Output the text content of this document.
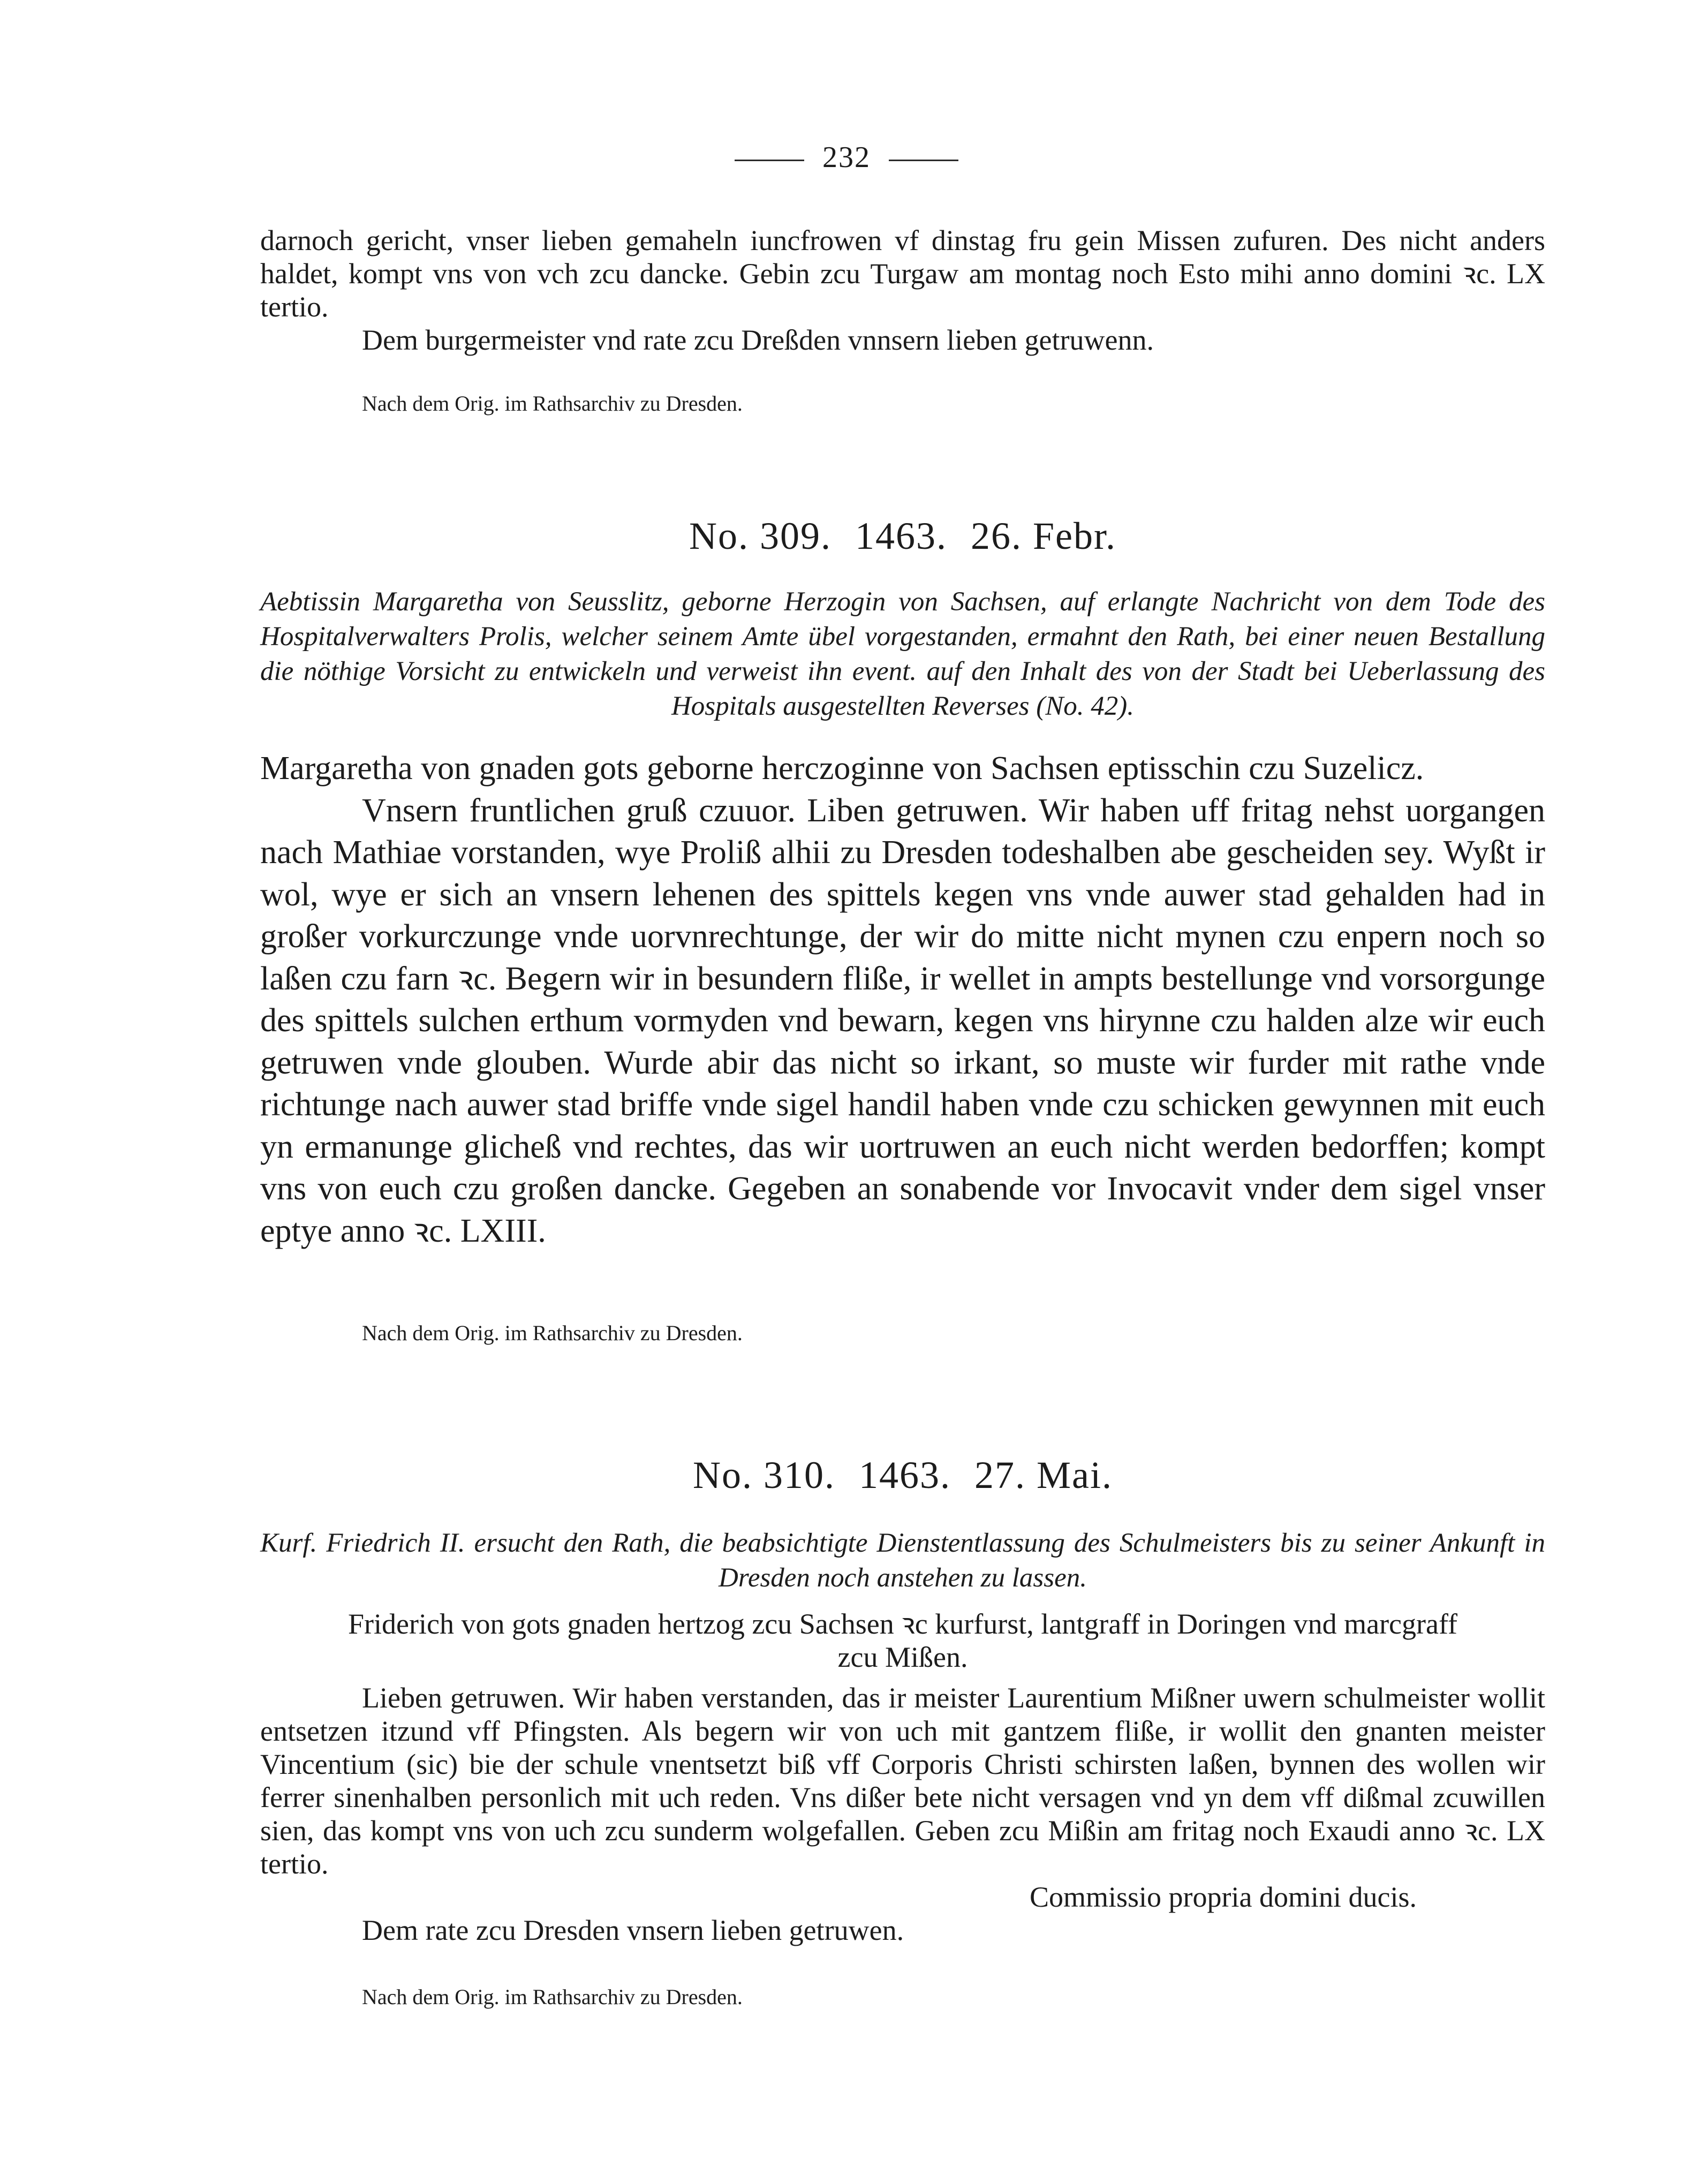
232

darnoch gericht, vnser lieben gemaheln iuncfrowen vf dinstag fru gein Missen zufuren. Des nicht anders haldet, kompt vns von vch zcu dancke. Gebin zcu Turgaw am montag noch Esto mihi anno domini ꝛc. LX tertio.

Dem burgermeister vnd rate zcu Dreßden vnnsern lieben getruwenn.

Nach dem Orig. im Rathsarchiv zu Dresden.
No. 309. 1463. 26. Febr.
Aebtissin Margaretha von Seusslitz, geborne Herzogin von Sachsen, auf erlangte Nachricht von dem Tode des Hospitalverwalters Prolis, welcher seinem Amte übel vorgestanden, ermahnt den Rath, bei einer neuen Bestallung die nöthige Vorsicht zu entwickeln und verweist ihn event. auf den Inhalt des von der Stadt bei Ueberlassung des Hospitals ausgestellten Reverses (No. 42).

Margaretha von gnaden gots geborne herczoginne von Sachsen eptisschin czu Suzelicz.

Vnsern fruntlichen gruß czuuor. Liben getruwen. Wir haben uff fritag nehst uorgangen nach Mathiae vorstanden, wye Proliß alhii zu Dresden todeshalben abe gescheiden sey. Wyßt ir wol, wye er sich an vnsern lehenen des spittels kegen vns vnde auwer stad gehalden had in großer vorkurczunge vnde uorvnrechtunge, der wir do mitte nicht mynen czu enpern noch so laßen czu farn ꝛc. Begern wir in besundern fliße, ir wellet in ampts bestellunge vnd vorsorgunge des spittels sulchen erthum vormyden vnd bewarn, kegen vns hirynne czu halden alze wir euch getruwen vnde glouben. Wurde abir das nicht so irkant, so muste wir furder mit rathe vnde richtunge nach auwer stad briffe vnde sigel handil haben vnde czu schicken gewynnen mit euch yn ermanunge glicheß vnd rechtes, das wir uortruwen an euch nicht werden bedorffen; kompt vns von euch czu großen dancke. Gegeben an sonabende vor Invocavit vnder dem sigel vnser eptye anno ꝛc. LXIII.

Nach dem Orig. im Rathsarchiv zu Dresden.
No. 310. 1463. 27. Mai.
Kurf. Friedrich II. ersucht den Rath, die beabsichtigte Dienstentlassung des Schulmeisters bis zu seiner Ankunft in Dresden noch anstehen zu lassen.

Friderich von gots gnaden hertzog zcu Sachsen ꝛc kurfurst, lantgraff in Doringen vnd marcgraff zcu Mißen.

Lieben getruwen. Wir haben verstanden, das ir meister Laurentium Mißner uwern schulmeister wollit entsetzen itzund vff Pfingsten. Als begern wir von uch mit gantzem fliße, ir wollit den gnanten meister Vincentium (sic) bie der schule vnentsetzt biß vff Corporis Christi schirsten laßen, bynnen des wollen wir ferrer sinenhalben personlich mit uch reden. Vns dißer bete nicht versagen vnd yn dem vff dißmal zcuwillen sien, das kompt vns von uch zcu sunderm wolgefallen. Geben zcu Mißin am fritag noch Exaudi anno ꝛc. LX tertio.

Commissio propria domini ducis.

Dem rate zcu Dresden vnsern lieben getruwen.

Nach dem Orig. im Rathsarchiv zu Dresden.
